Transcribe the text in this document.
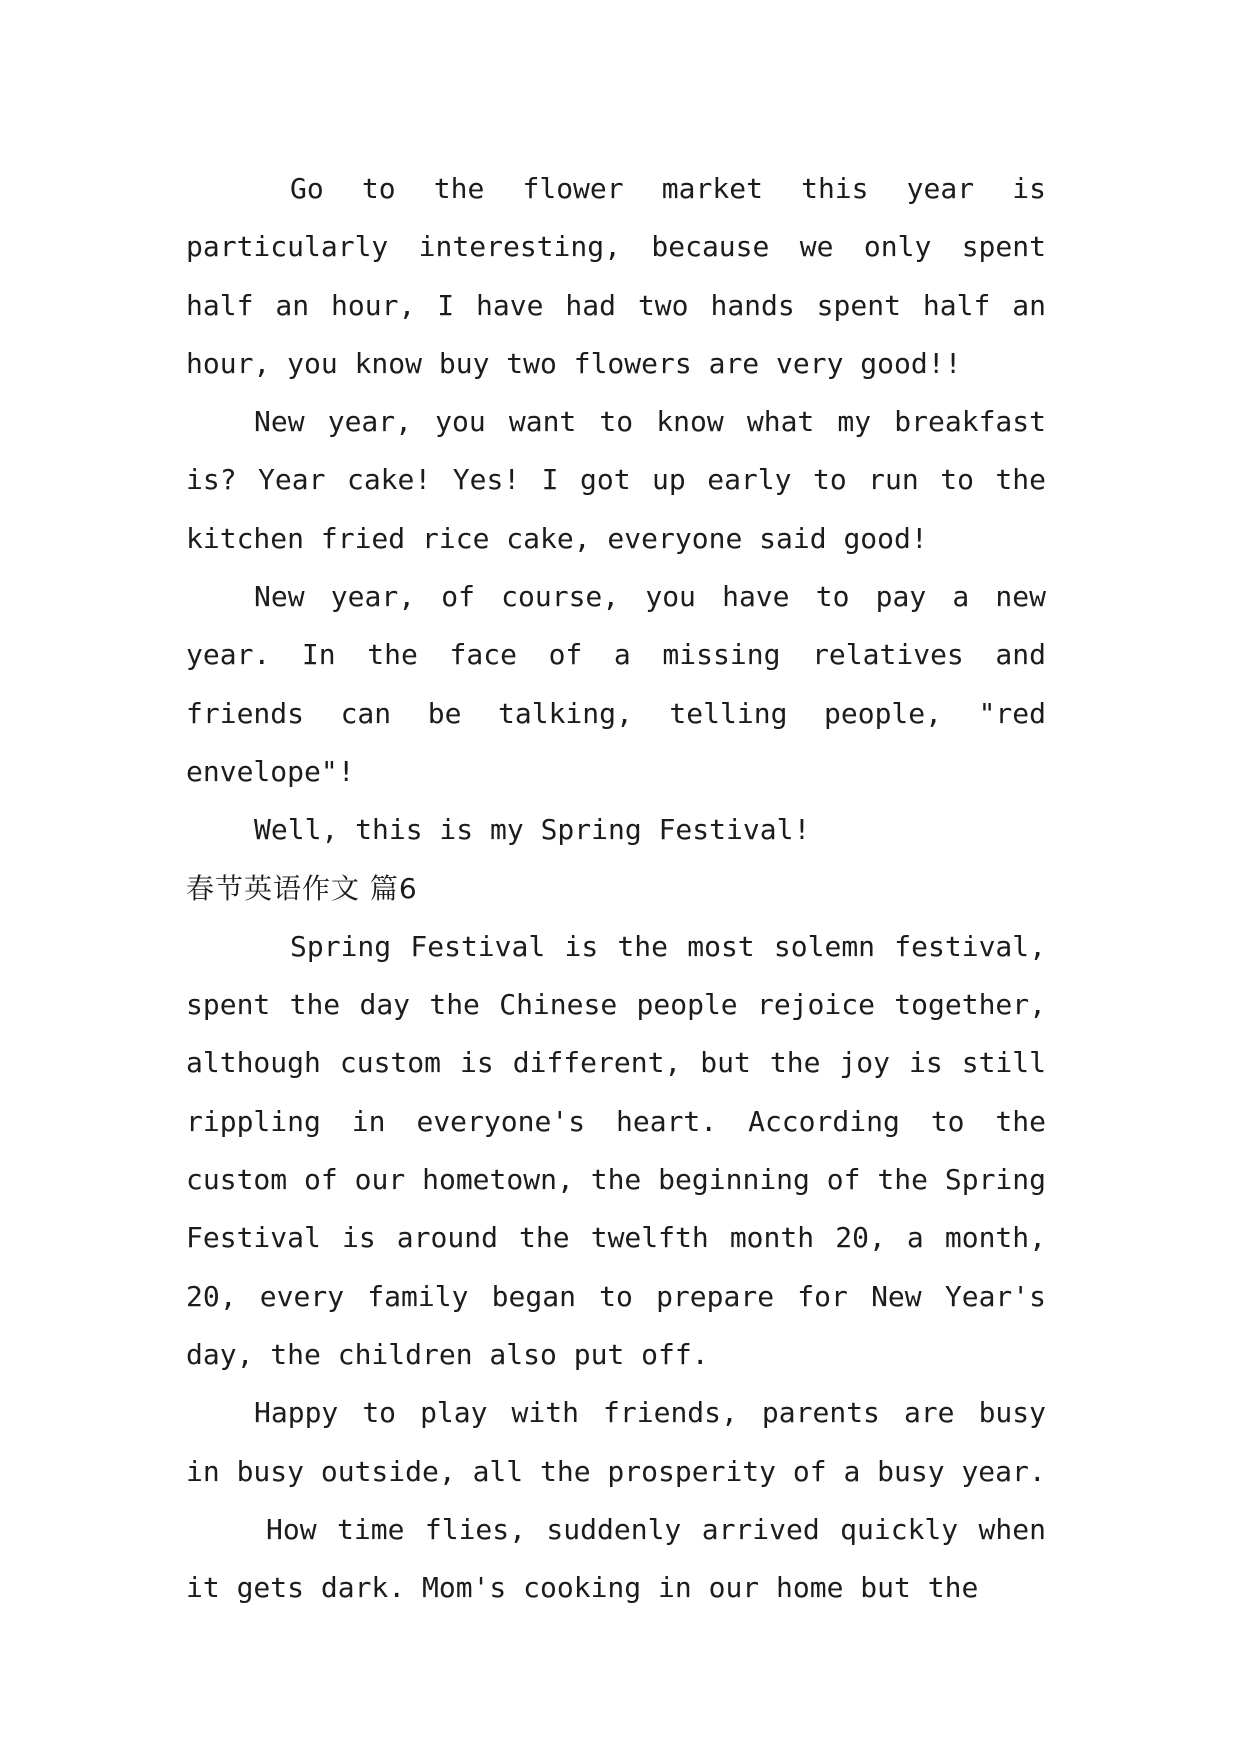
Go to the flower market this year is particularly interesting, because we only spent half an hour, I have had two hands spent half an hour, you know buy two flowers are very good!!

New year, you want to know what my breakfast is? Year cake! Yes! I got up early to run to the kitchen fried rice cake, everyone said good!

New year, of course, you have to pay a new year. In the face of a missing relatives and friends can be talking, telling people, "red envelope"!

Well, this is my Spring Festival!

春节英语作文 篇6

Spring Festival is the most solemn festival, spent the day the Chinese people rejoice together, although custom is different, but the joy is still rippling in everyone's heart. According to the custom of our hometown, the beginning of the Spring Festival is around the twelfth month 20, a month, 20, every family began to prepare for New Year's day, the children also put off.

Happy to play with friends, parents are busy in busy outside, all the prosperity of a busy year.

How time flies, suddenly arrived quickly when it gets dark. Mom's cooking in our home but the
